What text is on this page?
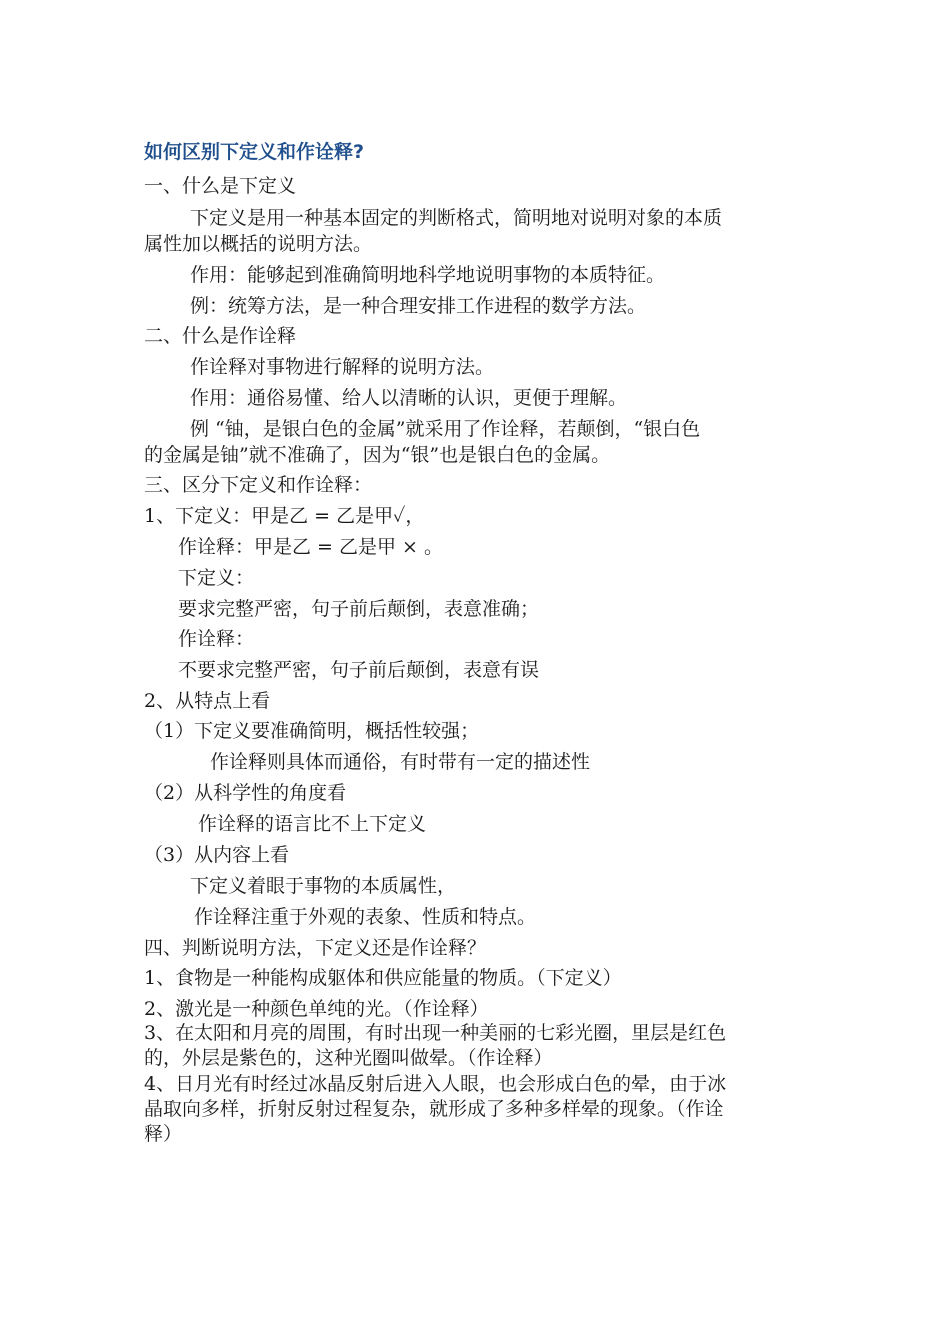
如何区别下定义和作诠释?
一、什么是下定义
下定义是用一种基本固定的判断格式，简明地对说明对象的本质
属性加以概括的说明方法。
作用：能够起到准确简明地科学地说明事物的本质特征。
例：统筹方法，是一种合理安排工作进程的数学方法。
二、什么是作诠释
作诠释对事物进行解释的说明方法。
作用：通俗易懂、给人以清晰的认识，更便于理解。
例 “铀，是银白色的金属”就采用了作诠释，若颠倒，“银白色
的金属是铀”就不准确了，因为“银”也是银白色的金属。
三、区分下定义和作诠释：
1、下定义：甲是乙 = 乙是甲✓，
作诠释：甲是乙 = 乙是甲 × 。
下定义：
要求完整严密，句子前后颠倒，表意准确；
作诠释：
不要求完整严密，句子前后颠倒，表意有误
2、从特点上看
（1）下定义要准确简明，概括性较强；
作诠释则具体而通俗，有时带有一定的描述性
（2）从科学性的角度看
作诠释的语言比不上下定义
（3）从内容上看
下定义着眼于事物的本质属性，
作诠释注重于外观的表象、性质和特点。
四、判断说明方法，下定义还是作诠释？
1、食物是一种能构成躯体和供应能量的物质。（下定义）
2、激光是一种颜色单纯的光。（作诠释）
3、在太阳和月亮的周围，有时出现一种美丽的七彩光圈，里层是红色
的，外层是紫色的，这种光圈叫做晕。（作诠释）
4、日月光有时经过冰晶反射后进入人眼，也会形成白色的晕，由于冰
晶取向多样，折射反射过程复杂，就形成了多种多样晕的现象。（作诠
释）
